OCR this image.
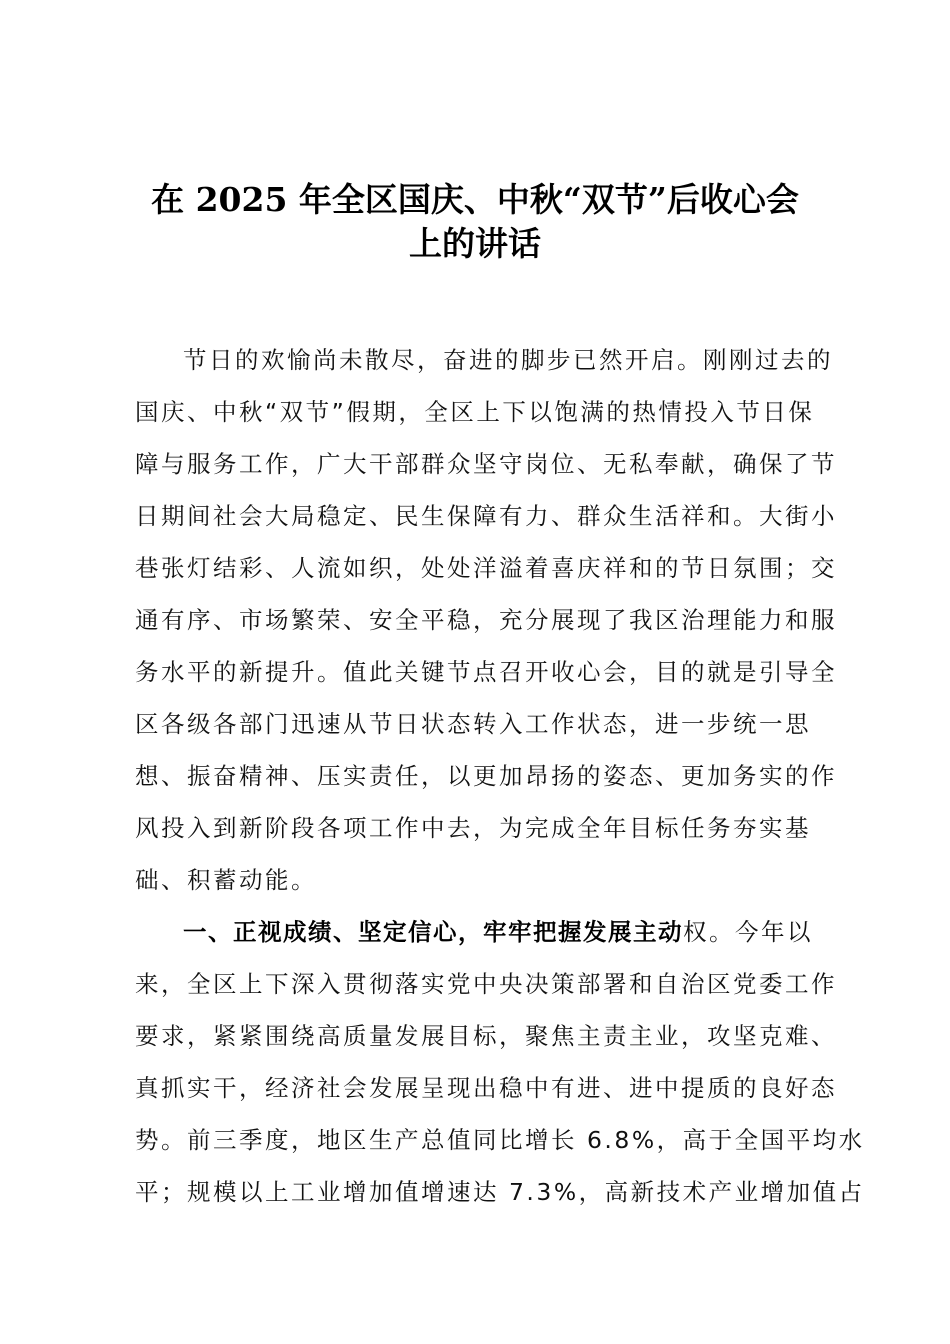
在 2025 年全区国庆、中秋“双节”后收心会
上的讲话
节日的欢愉尚未散尽，奋进的脚步已然开启。刚刚过去的
国庆、中秋“双节”假期，全区上下以饱满的热情投入节日保
障与服务工作，广大干部群众坚守岗位、无私奉献，确保了节
日期间社会大局稳定、民生保障有力、群众生活祥和。大街小
巷张灯结彩、人流如织，处处洋溢着喜庆祥和的节日氛围；交
通有序、市场繁荣、安全平稳，充分展现了我区治理能力和服
务水平的新提升。值此关键节点召开收心会，目的就是引导全
区各级各部门迅速从节日状态转入工作状态，进一步统一思
想、振奋精神、压实责任，以更加昂扬的姿态、更加务实的作
风投入到新阶段各项工作中去，为完成全年目标任务夯实基
础、积蓄动能。
一、正视成绩、坚定信心，牢牢把握发展主动权。今年以
来，全区上下深入贯彻落实党中央决策部署和自治区党委工作
要求，紧紧围绕高质量发展目标，聚焦主责主业，攻坚克难、
真抓实干，经济社会发展呈现出稳中有进、进中提质的良好态
势。前三季度，地区生产总值同比增长 6.8%，高于全国平均水
平；规模以上工业增加值增速达 7.3%，高新技术产业增加值占
